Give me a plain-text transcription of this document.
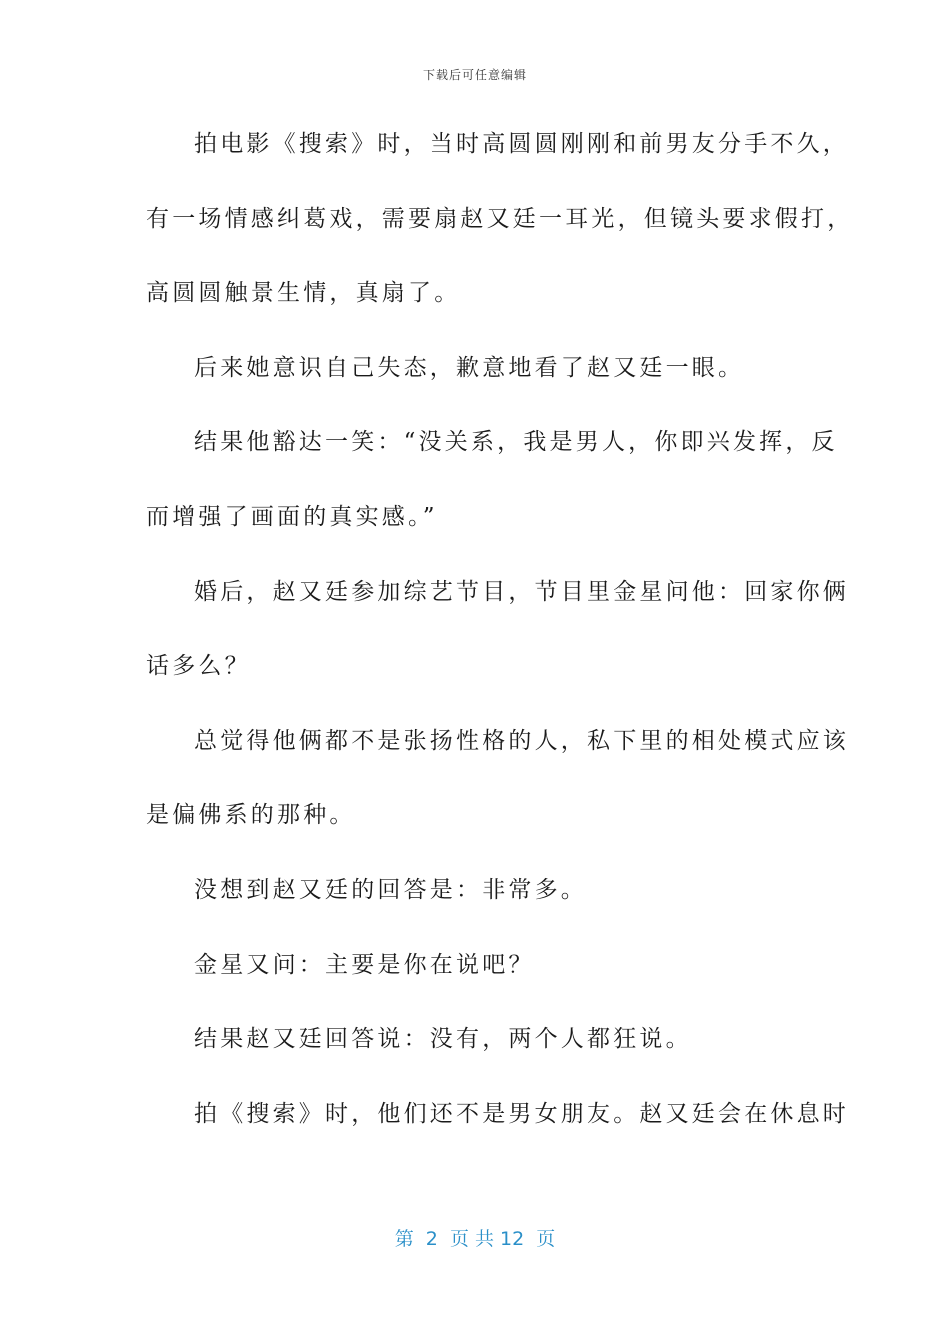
下载后可任意编辑
拍电影《搜索》时，当时高圆圆刚刚和前男友分手不久，
有一场情感纠葛戏，需要扇赵又廷一耳光，但镜头要求假打，
高圆圆触景生情，真扇了。
后来她意识自己失态，歉意地看了赵又廷一眼。
结果他豁达一笑：“没关系，我是男人，你即兴发挥，反
而增强了画面的真实感。”
婚后，赵又廷参加综艺节目，节目里金星问他：回家你俩
话多么？
总觉得他俩都不是张扬性格的人，私下里的相处模式应该
是偏佛系的那种。
没想到赵又廷的回答是：非常多。
金星又问：主要是你在说吧？
结果赵又廷回答说：没有，两个人都狂说。
拍《搜索》时，他们还不是男女朋友。赵又廷会在休息时
第  2  页 共 12  页
